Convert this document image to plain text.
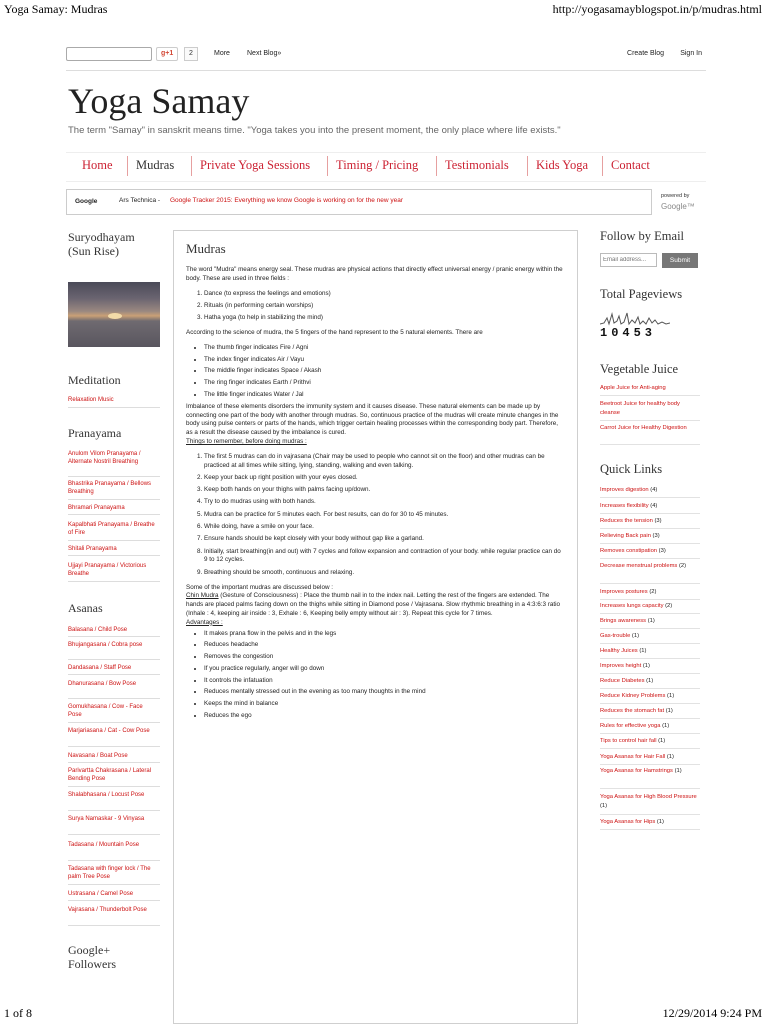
Yoga Samay: Mudras	http://yogasamayblogspot.in/p/mudras.html
g+1	2	More Next Blog»	Create Blog Sign In
Yoga Samay
The term "Samay" in sanskrit means time. "Yoga takes you into the present moment, the only place where life exists."
Home Mudras Private Yoga Sessions Timing / Pricing Testimonials Kids Yoga Contact
Google	Ars Technica - Google Tracker 2015: Everything we know Google is working on for the new year
powered by
Google™
Suryodhayam (Sun Rise)
Meditation
Relaxation Music
Pranayama
Anulom Vilom Pranayama / Alternate Nostril Breathing
Bhastrika Pranayama / Bellows Breathing
Bhramari Pranayama
Kapalbhati Pranayama / Breathe of Fire
Shitali Pranayama
Ujjayi Pranayama / Victorious Breathe
Asanas
Balasana / Child Pose
Bhujangasana / Cobra pose
Dandasana / Staff Pose
Dhanurasana / Bow Pose
Gomukhasana / Cow - Face Pose
Marjariasana / Cat - Cow Pose
Navasana / Boat Pose
Parivartta Chakrasana / Lateral Bending Pose
Shalabhasana / Locust Pose
Surya Namaskar - 9 Vinyasa
Tadasana / Mountain Pose
Tadasana with finger lock / The palm Tree Pose
Ustrasana / Camel Pose
Vajrasana / Thunderbolt Pose
Google+ Followers
Mudras

The word "Mudra" means energy seal. These mudras are physical actions that directly effect universal energy / pranic energy within the body. These are used in three fields :

1. Dance (to express the feelings and emotions)
2. Rituals (in performing certain worships)
3. Hatha yoga (to help in stabilizing the mind)

According to the science of mudra, the 5 fingers of the hand represent to the 5 natural elements. There are

• The thumb finger indicates Fire / Agni
• The index finger indicates Air / Vayu
• The middle finger indicates Space / Akash
• The ring finger indicates Earth / Prithvi
• The little finger indicates Water / Jal

Imbalance of these elements disorders the immunity system and it causes disease. These natural elements can be made up by connecting one part of the body with another through mudras. So, continuous practice of the mudras will create minute changes in the body using pulse centers or parts of the hands, which trigger certain healing processes within the corresponding body part. Therefore, as a result the disease caused by the imbalance is cured.

Things to remember, before doing mudras :

1. The first 5 mudras can do in vajrasana (Chair may be used to people who cannot sit on the floor) and other mudras can be practiced at all times while sitting, lying, standing, walking and even talking.
2. Keep your back up right position with your eyes closed.
3. Keep both hands on your thighs with palms facing up/down.
4. Try to do mudras using with both hands.
5. Mudra can be practice for 5 minutes each. For best results, can do for 30 to 45 minutes.
6. While doing, have a smile on your face.
7. Ensure hands should be kept closely with your body without gap like a garland.
8. Initially, start breathing(in and out) with 7 cycles and follow expansion and contraction of your body. while regular practice can do 9 to 12 cycles.
9. Breathing should be smooth, continuous and relaxing.

Some of the important mudras are discussed below :

Chin Mudra (Gesture of Consciousness) : Place the thumb nail in to the index nail. Letting the rest of the fingers are extended. The hands are placed palms facing down on the thighs while sitting in Diamond pose / Vajrasana. Slow rhythmic breathing in a 4:3:6:3 ratio (Inhale : 4, keeping air inside : 3, Exhale : 6, Keeping belly empty without air : 3). Repeat this cycle for 7 times.

Advantages :

• It makes prana flow in the pelvis and in the legs
• Reduces headache
• Removes the congestion
• If you practice regularly, anger will go down
• It controls the infatuation
• Reduces mentally stressed out in the evening as too many thoughts in the mind
• Keeps the mind in balance
• Reduces the ego
Follow by Email
Email address...
Submit
Total Pageviews
10453
Vegetable Juice
Apple Juice for Anti-aging
Beetroot Juice for healthy body cleanse
Carrot Juice for Healthy Digestion
Quick Links
Improves digestion (4)
Increases flexibility (4)
Reduces the tension (3)
Relieving Back pain (3)
Removes constipation (3)
Decrease menstrual problems (2)
Improves postures (2)
Increases lungs capacity (2)
Brings awareness (1)
Gas-trouble (1)
Healthy Juices (1)
Improves height (1)
Reduce Diabetes (1)
Reduce Kidney Problems (1)
Reduces the stomach fat (1)
Rules for effective yoga (1)
Tips to control hair fall (1)
Yoga Asanas for Hair Fall (1)
Yoga Asanas for Hamstrings (1)
Yoga Asanas for High Blood Pressure (1)
Yoga Asanas for Hips (1)
1 of 8	12/29/2014 9:24 PM
